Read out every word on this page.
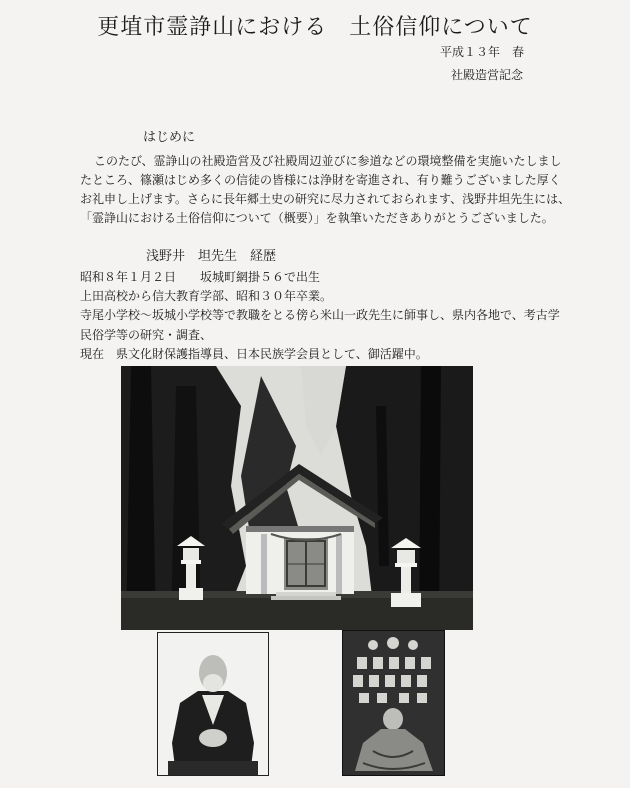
更埴市霊諍山における 土俗信仰について
平成１３年　春
社殿造営記念
はじめに
このたび、霊諍山の社殿造営及び社殿周辺並びに参道などの環境整備を実施いたしまし
たところ、篠瀬はじめ多くの信徒の皆様には浄財を寄進され、有り難うございました厚く
お礼申し上げます。さらに長年郷土史の研究に尽力されておられます、浅野井坦先生には、
「霊諍山における土俗信仰について（概要）」を執筆いただきありがとうございました。
浅野井　坦先生　経歴
昭和８年１月２日　　坂城町網掛５６で出生
上田高校から信大教育学部、昭和３０年卒業。
寺尾小学校～坂城小学校等で教職をとる傍ら米山一政先生に師事し、県内各地で、考古学
民俗学等の研究・調査、
現在　県文化財保護指導員、日本民族学会員として、御活躍中。
